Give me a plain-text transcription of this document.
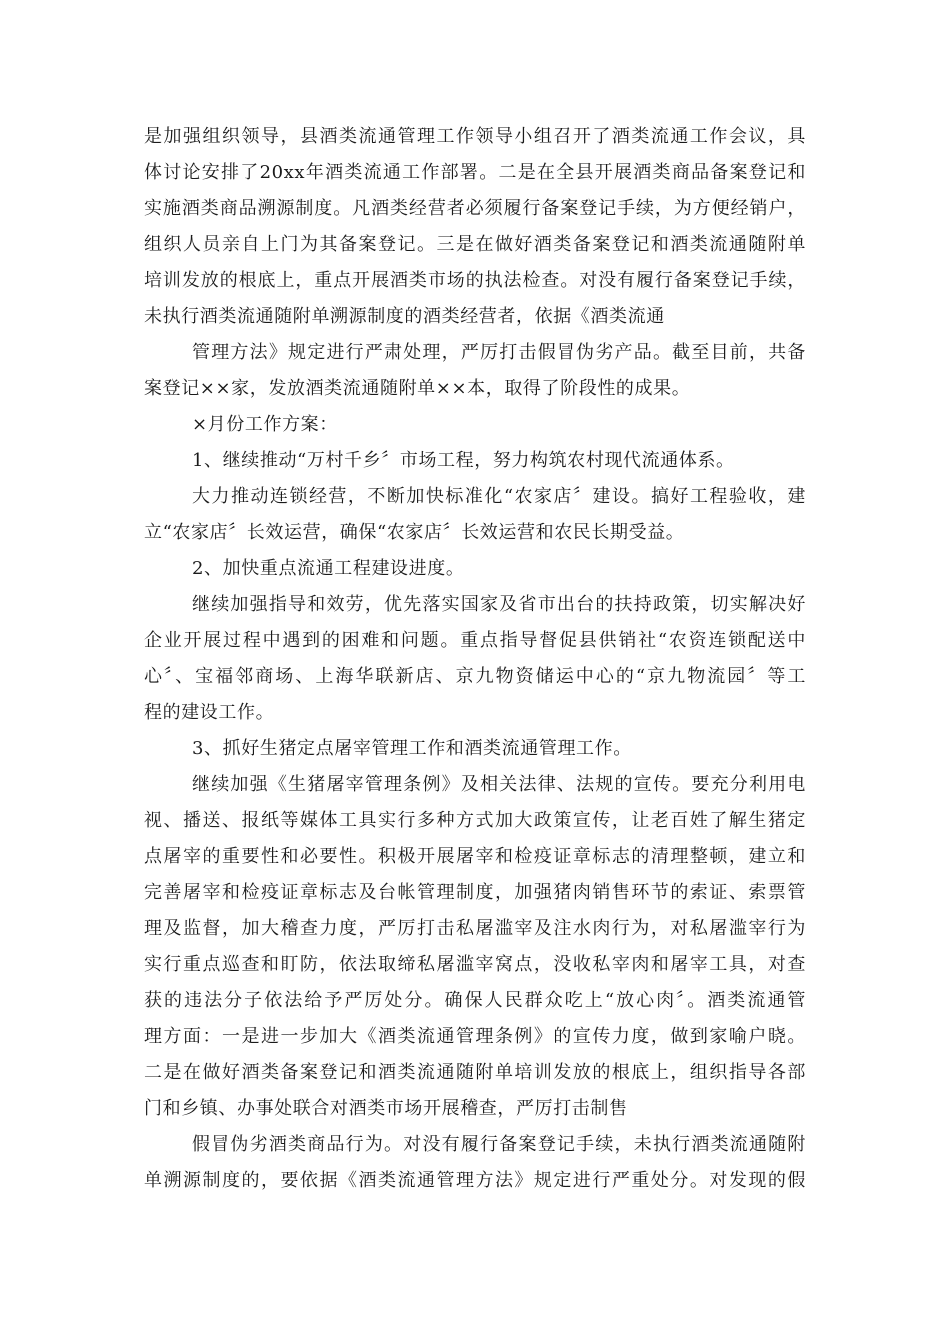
是加强组织领导，县酒类流通管理工作领导小组召开了酒类流通工作会议，具
体讨论安排了20xx年酒类流通工作部署。二是在全县开展酒类商品备案登记和
实施酒类商品溯源制度。凡酒类经营者必须履行备案登记手续，为方便经销户，
组织人员亲自上门为其备案登记。三是在做好酒类备案登记和酒类流通随附单
培训发放的根底上，重点开展酒类市场的执法检查。对没有履行备案登记手续，
未执行酒类流通随附单溯源制度的酒类经营者，依据《酒类流通
管理方法》规定进行严肃处理，严厉打击假冒伪劣产品。截至目前，共备
案登记××家，发放酒类流通随附单××本，取得了阶段性的成果。
×月份工作方案：
1、继续推动“万村千乡〞市场工程，努力构筑农村现代流通体系。
大力推动连锁经营，不断加快标准化“农家店〞建设。搞好工程验收，建
立“农家店〞长效运营，确保“农家店〞长效运营和农民长期受益。
2、加快重点流通工程建设进度。
继续加强指导和效劳，优先落实国家及省市出台的扶持政策，切实解决好
企业开展过程中遇到的困难和问题。重点指导督促县供销社“农资连锁配送中
心〞、宝福邻商场、上海华联新店、京九物资储运中心的“京九物流园〞等工
程的建设工作。
3、抓好生猪定点屠宰管理工作和酒类流通管理工作。
继续加强《生猪屠宰管理条例》及相关法律、法规的宣传。要充分利用电
视、播送、报纸等媒体工具实行多种方式加大政策宣传，让老百姓了解生猪定
点屠宰的重要性和必要性。积极开展屠宰和检疫证章标志的清理整顿，建立和
完善屠宰和检疫证章标志及台帐管理制度，加强猪肉销售环节的索证、索票管
理及监督，加大稽查力度，严厉打击私屠滥宰及注水肉行为，对私屠滥宰行为
实行重点巡查和盯防，依法取缔私屠滥宰窝点，没收私宰肉和屠宰工具，对查
获的违法分子依法给予严厉处分。确保人民群众吃上“放心肉〞。酒类流通管
理方面：一是进一步加大《酒类流通管理条例》的宣传力度，做到家喻户晓。
二是在做好酒类备案登记和酒类流通随附单培训发放的根底上，组织指导各部
门和乡镇、办事处联合对酒类市场开展稽查，严厉打击制售
假冒伪劣酒类商品行为。对没有履行备案登记手续，未执行酒类流通随附
单溯源制度的，要依据《酒类流通管理方法》规定进行严重处分。对发现的假
